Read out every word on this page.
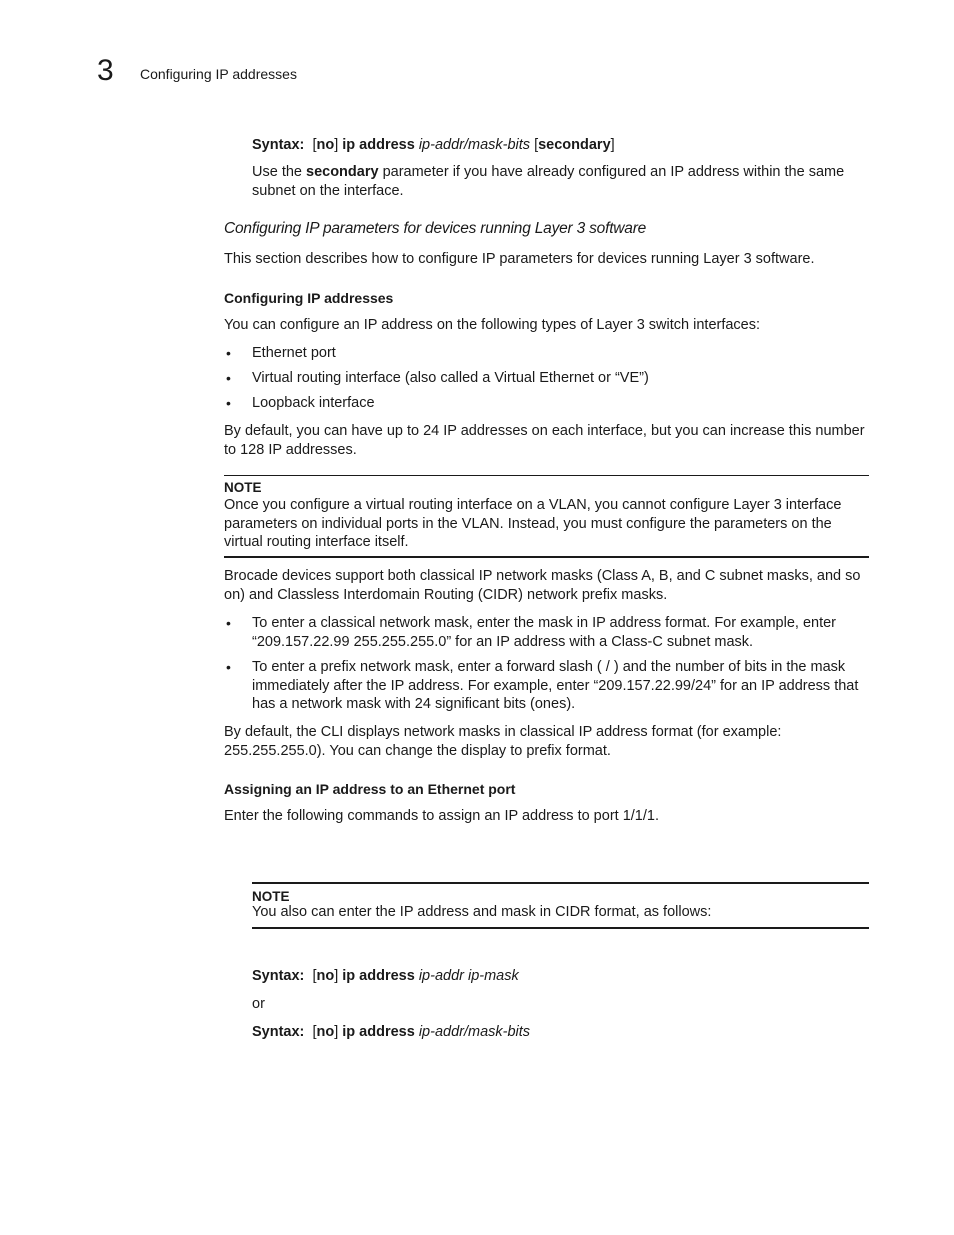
3 Configuring IP addresses

Syntax: [no] ip address ip-addr/mask-bits [secondary]

Use the secondary parameter if you have already configured an IP address within the same subnet on the interface.

Configuring IP parameters for devices running Layer 3 software

This section describes how to configure IP parameters for devices running Layer 3 software.

Configuring IP addresses

You can configure an IP address on the following types of Layer 3 switch interfaces:

• Ethernet port

• Virtual routing interface (also called a Virtual Ethernet or “VE”)

• Loopback interface

By default, you can have up to 24 IP addresses on each interface, but you can increase this number to 128 IP addresses.

NOTE

Once you configure a virtual routing interface on a VLAN, you cannot configure Layer 3 interface parameters on individual ports in the VLAN. Instead, you must configure the parameters on the virtual routing interface itself.

Brocade devices support both classical IP network masks (Class A, B, and C subnet masks, and so on) and Classless Interdomain Routing (CIDR) network prefix masks.

• To enter a classical network mask, enter the mask in IP address format. For example, enter “209.157.22.99 255.255.255.0” for an IP address with a Class-C subnet mask.

• To enter a prefix network mask, enter a forward slash ( / ) and the number of bits in the mask immediately after the IP address. For example, enter “209.157.22.99/24” for an IP address that has a network mask with 24 significant bits (ones).

By default, the CLI displays network masks in classical IP address format (for example: 255.255.255.0). You can change the display to prefix format.

Assigning an IP address to an Ethernet port

Enter the following commands to assign an IP address to port 1/1/1.

NOTE

You also can enter the IP address and mask in CIDR format, as follows:

Syntax: [no] ip address ip-addr ip-mask

or

Syntax: [no] ip address ip-addr/mask-bits
